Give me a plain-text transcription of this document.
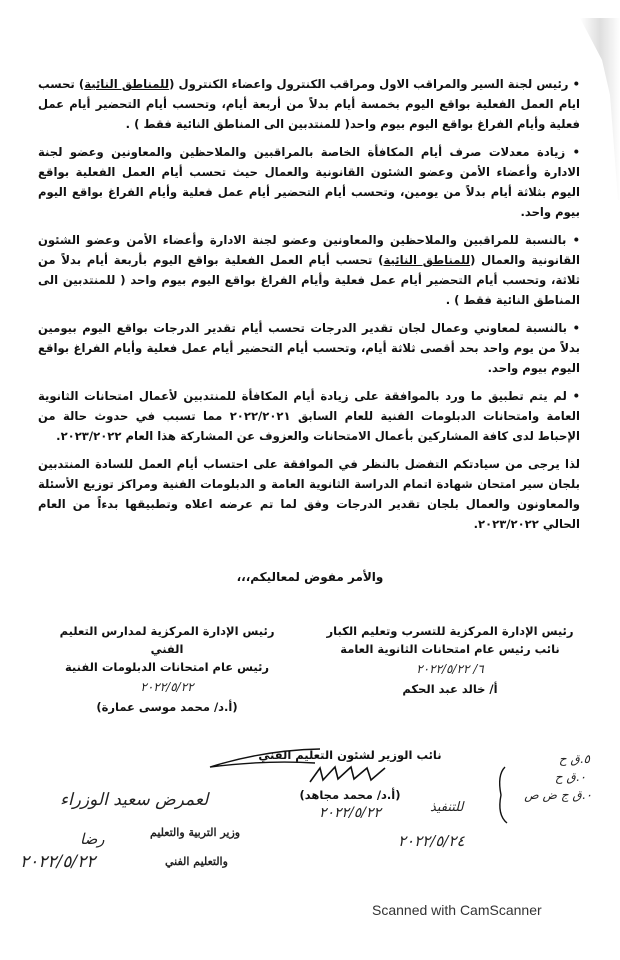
• رئيس لجنة السير والمراقب الاول ومراقب الكنترول واعضاء الكنترول (للمناطق النائية) تحسب ايام العمل الفعلية بواقع اليوم بخمسة أيام بدلاً من أربعة أيام، وتحسب أيام التحضير أيام عمل فعلية وأيام الفراغ بواقع اليوم بيوم واحد( للمنتدبين الى المناطق النائية فقط ) .

• زيادة معدلات صرف أيام المكافأة الخاصة بالمراقبين والملاحظين والمعاونين وعضو لجنة الادارة وأعضاء الأمن وعضو الشئون القانونية والعمال حيث تحسب أيام العمل الفعلية بواقع اليوم بثلاثة أيام بدلاً من يومين، وتحسب أيام التحضير أيام عمل فعلية وأيام الفراغ بواقع اليوم بيوم واحد.

• بالنسبة للمراقبين والملاحظين والمعاونين وعضو لجنة الادارة وأعضاء الأمن وعضو الشئون القانونية والعمال (للمناطق النائية) تحسب أيام العمل الفعلية بواقع اليوم بأربعة أيام بدلاً من ثلاثة، وتحسب أيام التحضير أيام عمل فعلية وأيام الفراغ بواقع اليوم بيوم واحد ( للمنتدبين الى المناطق النائية فقط ) .

• بالنسبة لمعاوني وعمال لجان تقدير الدرجات تحسب أيام تقدير الدرجات بواقع اليوم بيومين بدلاً من يوم واحد بحد أقصى ثلاثة أيام، وتحسب أيام التحضير أيام عمل فعلية وأيام الفراغ بواقع اليوم بيوم واحد.

• لم يتم تطبيق ما ورد بالموافقة على زيادة أيام المكافأة للمنتدبين لأعمال امتحانات الثانوية العامة وامتحانات الدبلومات الفنية للعام السابق ٢٠٢٢/٢٠٢١ مما تسبب في حدوث حالة من الإحباط لدى كافة المشاركين بأعمال الامتحانات والعزوف عن المشاركة هذا العام ٢٠٢٣/٢٠٢٢.

لذا يرجى من سيادتكم التفضل بالنظر في الموافقة على احتساب أيام العمل للسادة المنتدبين بلجان سير امتحان شهادة اتمام الدراسة الثانوية العامة و الدبلومات الفنية ومراكز توزيع الأسئلة والمعاونون والعمال بلجان تقدير الدرجات وفق لما تم عرضه اعلاه وتطبيقها بدءاً من العام الحالي ٢٠٢٣/٢٠٢٢.

والأمر مفوض لمعاليكم،،،
رئيس الإدارة المركزية للتسرب وتعليم الكبار
نائب رئيس عام امتحانات الثانوية العامة
٦/ ٢٠٢٢/٥/٢٢
أ/ خالد عبد الحكم
رئيس الإدارة المركزية لمدارس التعليم الفني
رئيس عام امتحانات الدبلومات الفنية
٢٠٢٢/٥/٢٢
(أ.د/ محمد موسى عمارة)
نائب الوزير لشئون التعليم الفني
(أ.د/ محمد مجاهد)
٢٠٢٢/٥/٢٢
لعمرض سعيد الوزراء
وزير التربية والتعليم
رضا
والتعليم الفني
٢٠٢٢/٥/٢٢
٥.ق ح
٠.ق ح
٠.ق ج ض ص
للتنفيذ
٢٠٢٢/٥/٢٤
Scanned with CamScanner
